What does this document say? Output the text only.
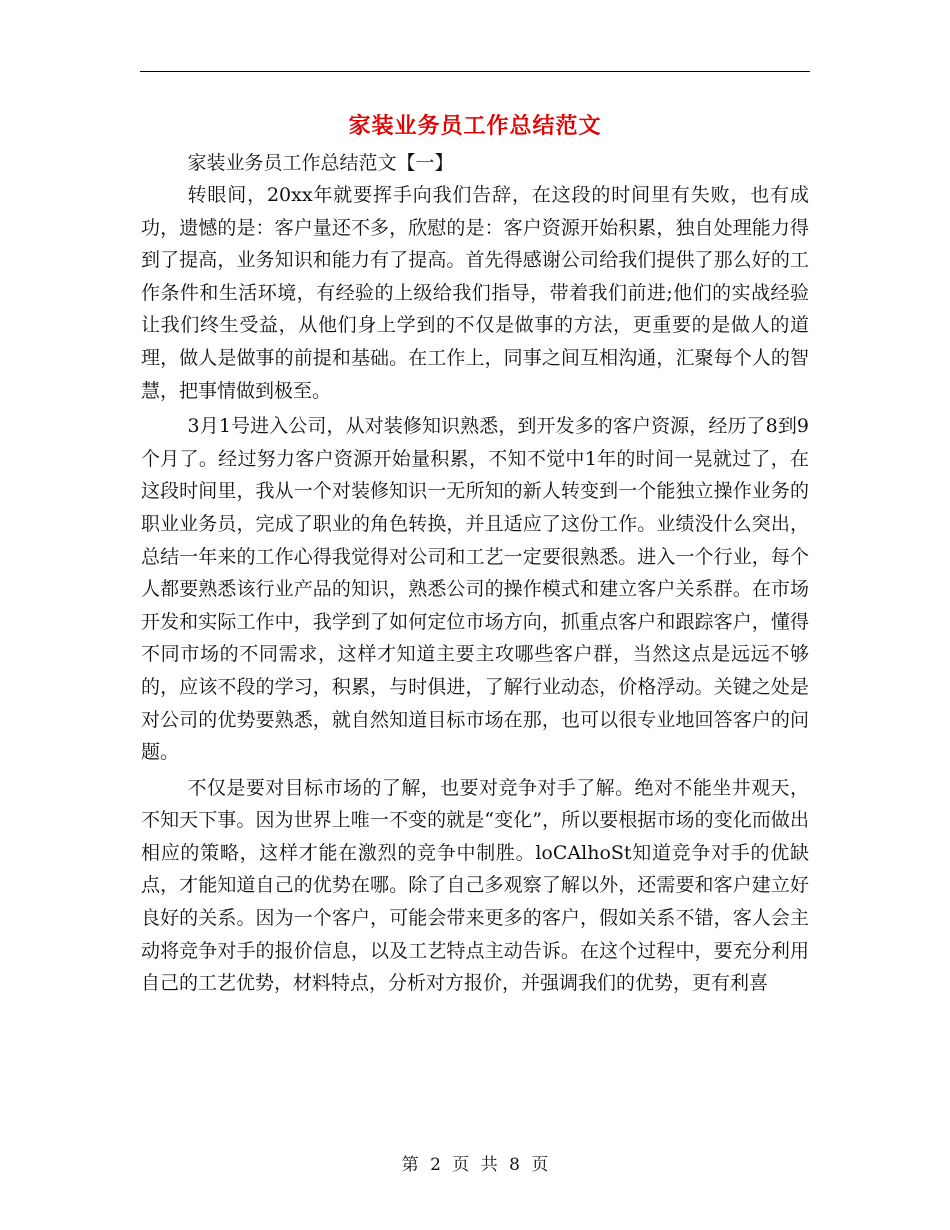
家装业务员工作总结范文

家装业务员工作总结范文【一】

转眼间，20xx年就要挥手向我们告辞，在这段的时间里有失败，也有成功，遗憾的是：客户量还不多，欣慰的是：客户资源开始积累，独自处理能力得到了提高，业务知识和能力有了提高。首先得感谢公司给我们提供了那么好的工作条件和生活环境，有经验的上级给我们指导，带着我们前进;他们的实战经验让我们终生受益，从他们身上学到的不仅是做事的方法，更重要的是做人的道理，做人是做事的前提和基础。在工作上，同事之间互相沟通，汇聚每个人的智慧，把事情做到极至。

3月1号进入公司，从对装修知识熟悉，到开发多的客户资源，经历了8到9个月了。经过努力客户资源开始量积累，不知不觉中1年的时间一晃就过了，在这段时间里，我从一个对装修知识一无所知的新人转变到一个能独立操作业务的职业业务员，完成了职业的角色转换，并且适应了这份工作。业绩没什么突出，总结一年来的工作心得我觉得对公司和工艺一定要很熟悉。进入一个行业，每个人都要熟悉该行业产品的知识，熟悉公司的操作模式和建立客户关系群。在市场开发和实际工作中，我学到了如何定位市场方向，抓重点客户和跟踪客户，懂得不同市场的不同需求，这样才知道主要主攻哪些客户群，当然这点是远远不够的，应该不段的学习，积累，与时俱进，了解行业动态，价格浮动。关键之处是对公司的优势要熟悉，就自然知道目标市场在那，也可以很专业地回答客户的问题。

不仅是要对目标市场的了解，也要对竞争对手了解。绝对不能坐井观天，不知天下事。因为世界上唯一不变的就是“变化”，所以要根据市场的变化而做出相应的策略，这样才能在激烈的竞争中制胜。loCAlhoSt知道竞争对手的优缺点，才能知道自己的优势在哪。除了自己多观察了解以外，还需要和客户建立好良好的关系。因为一个客户，可能会带来更多的客户，假如关系不错，客人会主动将竞争对手的报价信息，以及工艺特点主动告诉。在这个过程中，要充分利用自己的工艺优势，材料特点，分析对方报价，并强调我们的优势，更有利喜

第 2 页 共 8 页
